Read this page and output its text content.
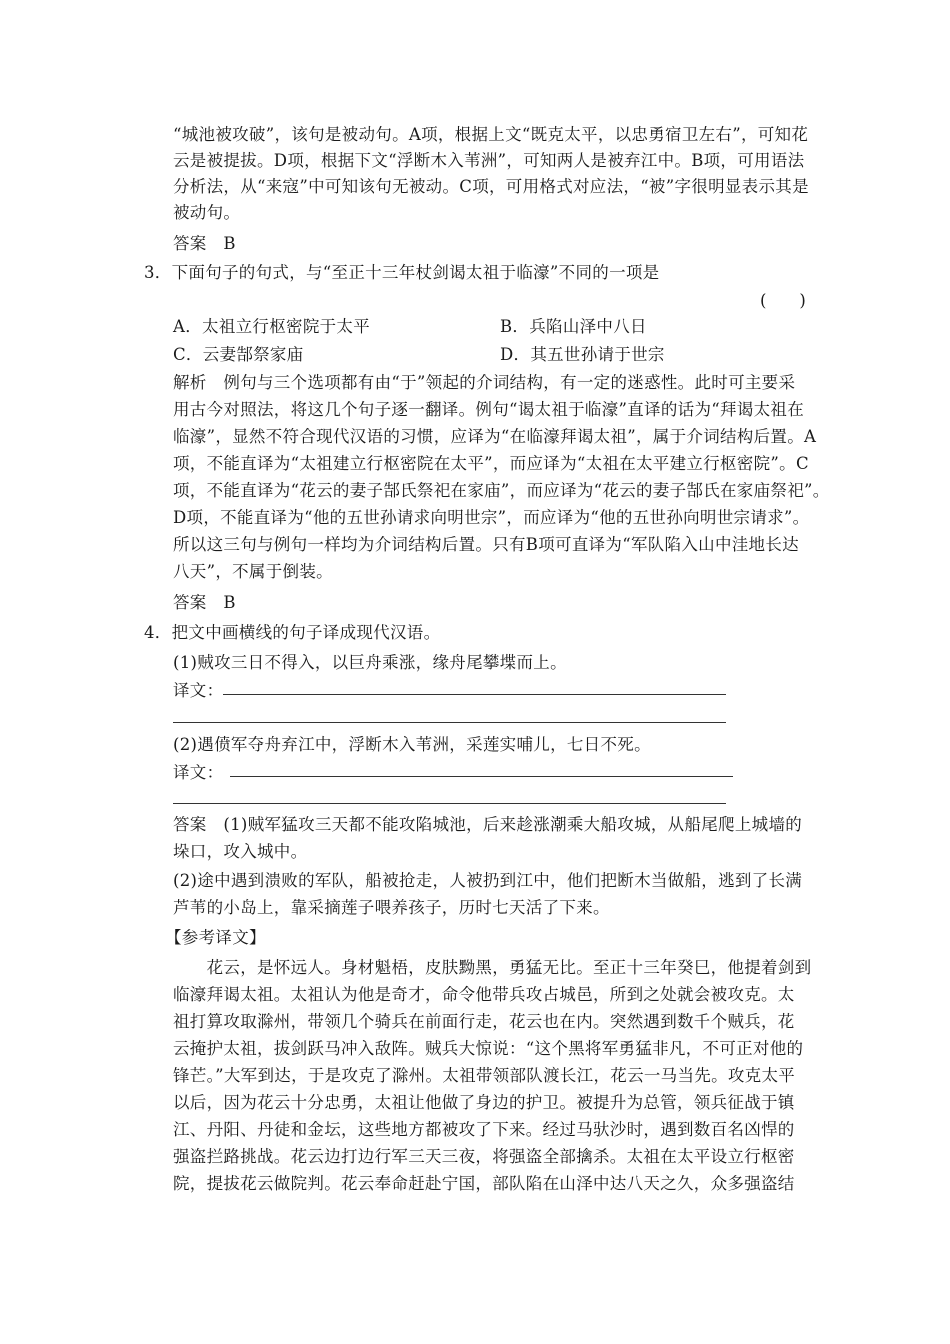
“城池被攻破”，该句是被动句。A项，根据上文“既克太平，以忠勇宿卫左右”，可知花
云是被提拔。D项，根据下文“浮断木入苇洲”，可知两人是被弃江中。B项，可用语法
分析法，从“来寇”中可知该句无被动。C项，可用格式对应法，“被”字很明显表示其是
被动句。
答案　B
3．下面句子的句式，与“至正十三年杖剑谒太祖于临濠”不同的一项是
(　　)
A．太祖立行枢密院于太平	B．兵陷山泽中八日
C．云妻郜祭家庙	D．其五世孙请于世宗
解析　例句与三个选项都有由“于”领起的介词结构，有一定的迷惑性。此时可主要采
用古今对照法，将这几个句子逐一翻译。例句“谒太祖于临濠”直译的话为“拜谒太祖在
临濠”，显然不符合现代汉语的习惯，应译为“在临濠拜谒太祖”，属于介词结构后置。A
项，不能直译为“太祖建立行枢密院在太平”，而应译为“太祖在太平建立行枢密院”。C
项，不能直译为“花云的妻子郜氏祭祀在家庙”，而应译为“花云的妻子郜氏在家庙祭祀”。
D项，不能直译为“他的五世孙请求向明世宗”，而应译为“他的五世孙向明世宗请求”。
所以这三句与例句一样均为介词结构后置。只有B项可直译为“军队陷入山中洼地长达
八天”，不属于倒装。
答案　B
4．把文中画横线的句子译成现代汉语。
(1)贼攻三日不得入，以巨舟乘涨，缘舟尾攀堞而上。
译文：
(2)遇偾军夺舟弃江中，浮断木入苇洲，采莲实哺儿，七日不死。
译文：
答案　(1)贼军猛攻三天都不能攻陷城池，后来趁涨潮乘大船攻城，从船尾爬上城墙的
垛口，攻入城中。
(2)途中遇到溃败的军队，船被抢走，人被扔到江中，他们把断木当做船，逃到了长满
芦苇的小岛上，靠采摘莲子喂养孩子，历时七天活了下来。
【参考译文】
　　花云，是怀远人。身材魁梧，皮肤黝黑，勇猛无比。至正十三年癸巳，他提着剑到
临濠拜谒太祖。太祖认为他是奇才，命令他带兵攻占城邑，所到之处就会被攻克。太
祖打算攻取滁州，带领几个骑兵在前面行走，花云也在内。突然遇到数千个贼兵，花
云掩护太祖，拔剑跃马冲入敌阵。贼兵大惊说：“这个黑将军勇猛非凡，不可正对他的
锋芒。”大军到达，于是攻克了滁州。太祖带领部队渡长江，花云一马当先。攻克太平
以后，因为花云十分忠勇，太祖让他做了身边的护卫。被提升为总管，领兵征战于镇
江、丹阳、丹徒和金坛，这些地方都被攻了下来。经过马驮沙时，遇到数百名凶悍的
强盗拦路挑战。花云边打边行军三天三夜，将强盗全部擒杀。太祖在太平设立行枢密
院，提拔花云做院判。花云奉命赶赴宁国，部队陷在山泽中达八天之久，众多强盗结
